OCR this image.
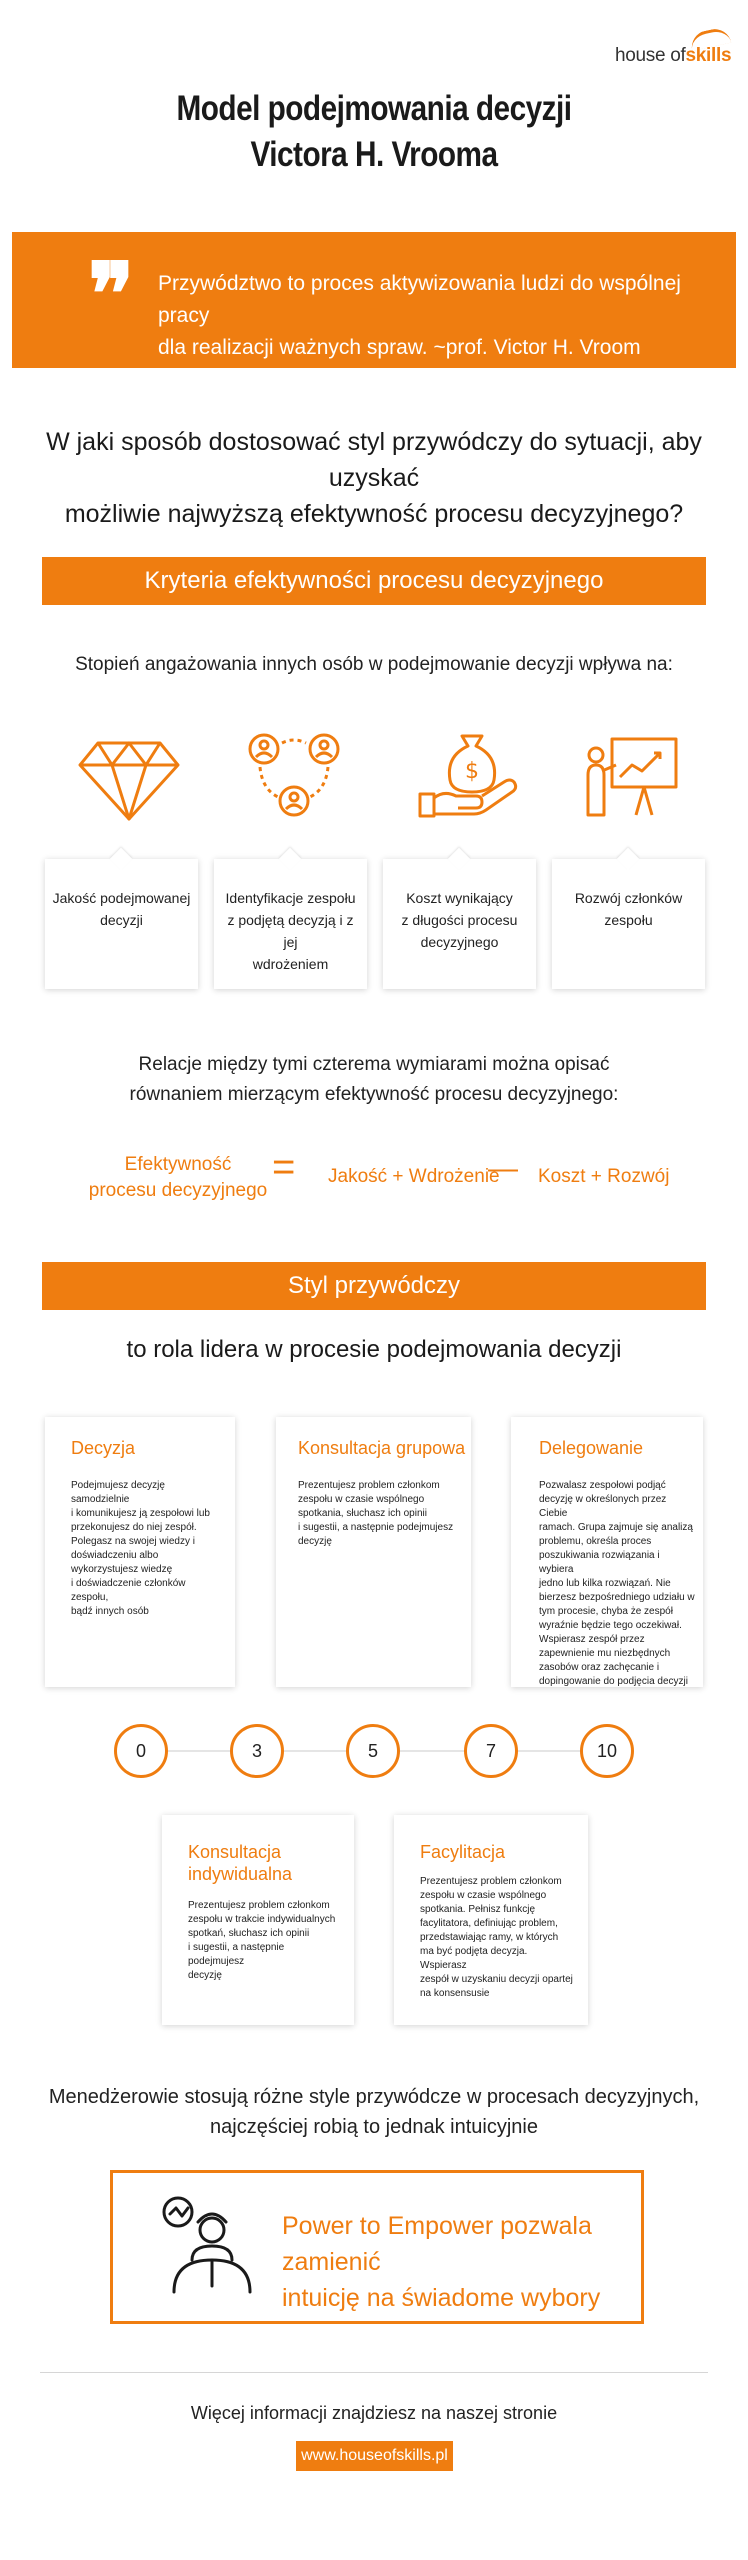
house ofskills
Model podejmowania decyzji
Victora H. Vrooma
❞ Przywództwo to proces aktywizowania ludzi do wspólnej pracy
dla realizacji ważnych spraw. ~prof. Victor H. Vroom
W jaki sposób dostosować styl przywódczy do sytuacji, aby uzyskać
możliwie najwyższą efektywność procesu decyzyjnego?
Kryteria efektywności procesu decyzyjnego
Stopień angażowania innych osób w podejmowanie decyzji wpływa na:
$
Jakość podejmowanej
decyzji
Identyfikacje zespołu
z podjętą decyzją i z jej
wdrożeniem
Koszt wynikający
z długości procesu
decyzyjnego
Rozwój członków
zespołu
Relacje między tymi czterema wymiarami można opisać
równaniem mierzącym efektywność procesu decyzyjnego:
Efektywność
procesu decyzyjnego
= Jakość + Wdrożenie
— Koszt + Rozwój
Styl przywódczy
to rola lidera w procesie podejmowania decyzji
Decyzja
Podejmujesz decyzję samodzielnie
i komunikujesz ją zespołowi lub
przekonujesz do niej zespół.
Polegasz na swojej wiedzy i
doświadczeniu albo
wykorzystujesz wiedzę
i doświadczenie członków zespołu,
bądź innych osób
Konsultacja grupowa
Prezentujesz problem członkom
zespołu w czasie wspólnego
spotkania, słuchasz ich opinii
i sugestii, a następnie podejmujesz
decyzję
Delegowanie
Pozwalasz zespołowi podjąć
decyzję w określonych przez Ciebie
ramach. Grupa zajmuje się analizą
problemu, określa proces
poszukiwania rozwiązania i wybiera
jedno lub kilka rozwiązań. Nie
bierzesz bezpośredniego udziału w
tym procesie, chyba że zespół
wyraźnie będzie tego oczekiwał.
Wspierasz zespół przez
zapewnienie mu niezbędnych
zasobów oraz zachęcanie i
dopingowanie do podjęcia decyzji
0	3	5	7	10
Konsultacja
indywidualna
Prezentujesz problem członkom
zespołu w trakcie indywidualnych
spotkań, słuchasz ich opinii
i sugestii, a następnie podejmujesz
decyzję
Facylitacja
Prezentujesz problem członkom
zespołu w czasie wspólnego
spotkania. Pełnisz funkcję
facylitatora, definiując problem,
przedstawiając ramy, w których
ma być podjęta decyzja. Wspierasz
zespół w uzyskaniu decyzji opartej
na konsensusie
Menedżerowie stosują różne style przywódcze w procesach decyzyjnych,
najczęściej robią to jednak intuicyjnie
Power to Empower pozwala zamienić
intuicję na świadome wybory
Więcej informacji znajdziesz na naszej stronie
www.houseofskills.pl
